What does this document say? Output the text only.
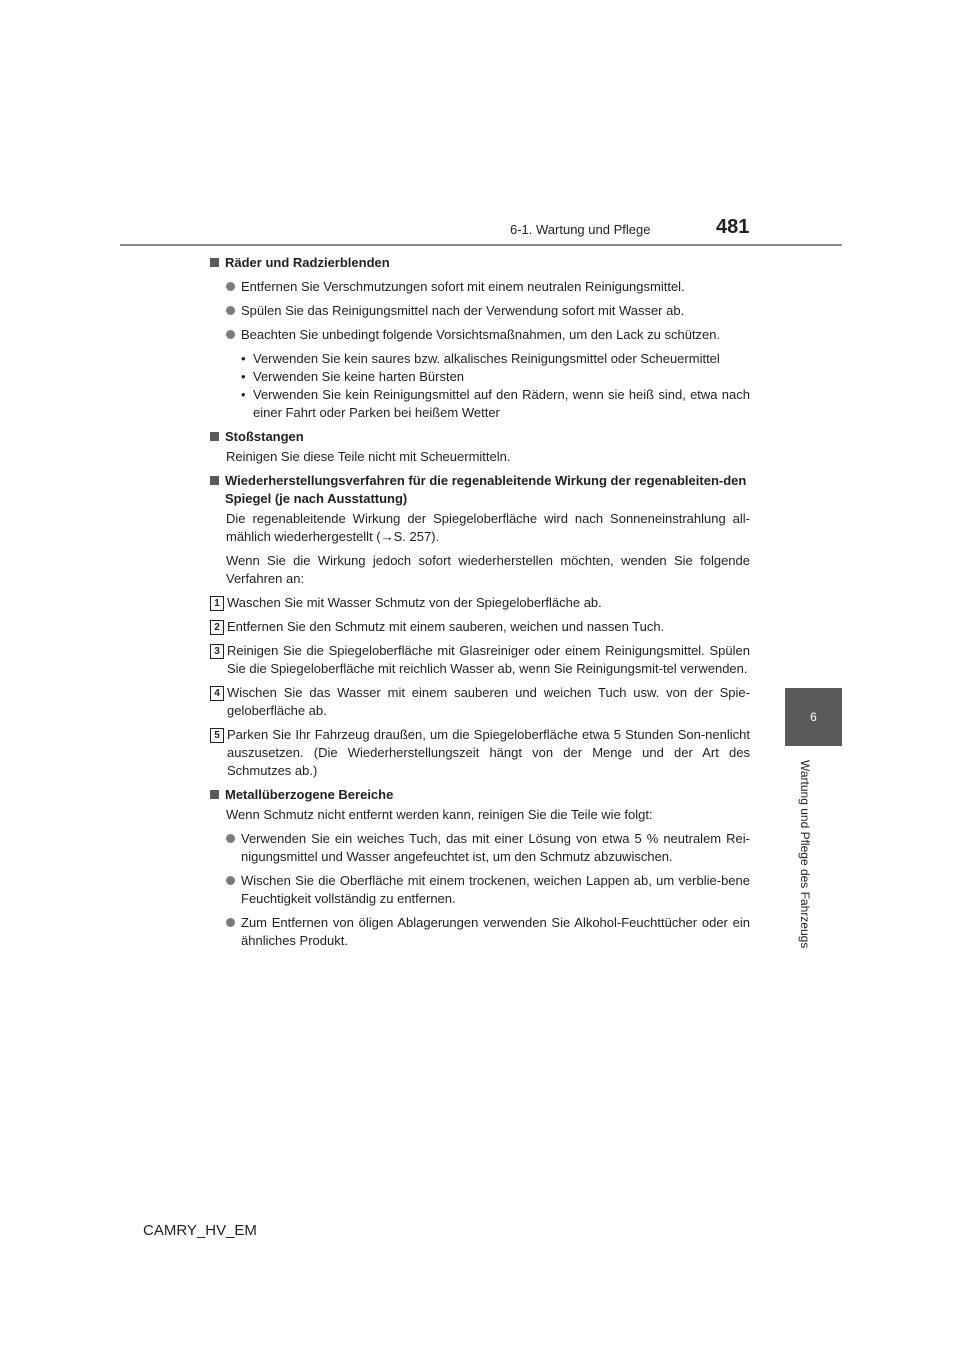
6-1. Wartung und Pflege	481
6
Wartung und Pflege des Fahrzeugs
Räder und Radzierblenden
Entfernen Sie Verschmutzungen sofort mit einem neutralen Reinigungsmittel.
Spülen Sie das Reinigungsmittel nach der Verwendung sofort mit Wasser ab.
Beachten Sie unbedingt folgende Vorsichtsmaßnahmen, um den Lack zu schützen.
• Verwenden Sie kein saures bzw. alkalisches Reinigungsmittel oder Scheuermittel
• Verwenden Sie keine harten Bürsten
• Verwenden Sie kein Reinigungsmittel auf den Rädern, wenn sie heiß sind, etwa nach einer Fahrt oder Parken bei heißem Wetter
Stoßstangen
Reinigen Sie diese Teile nicht mit Scheuermitteln.
Wiederherstellungsverfahren für die regenableitende Wirkung der regenableiten-den Spiegel (je nach Ausstattung)
Die regenableitende Wirkung der Spiegeloberfläche wird nach Sonneneinstrahlung all-mählich wiederhergestellt (→S. 257).
Wenn Sie die Wirkung jedoch sofort wiederherstellen möchten, wenden Sie folgende Verfahren an:
1 Waschen Sie mit Wasser Schmutz von der Spiegeloberfläche ab.
2 Entfernen Sie den Schmutz mit einem sauberen, weichen und nassen Tuch.
3 Reinigen Sie die Spiegeloberfläche mit Glasreiniger oder einem Reinigungsmittel. Spülen Sie die Spiegeloberfläche mit reichlich Wasser ab, wenn Sie Reinigungsmit-tel verwenden.
4 Wischen Sie das Wasser mit einem sauberen und weichen Tuch usw. von der Spie-geloberfläche ab.
5 Parken Sie Ihr Fahrzeug draußen, um die Spiegeloberfläche etwa 5 Stunden Son-nenlicht auszusetzen. (Die Wiederherstellungszeit hängt von der Menge und der Art des Schmutzes ab.)
Metallüberzogene Bereiche
Wenn Schmutz nicht entfernt werden kann, reinigen Sie die Teile wie folgt:
Verwenden Sie ein weiches Tuch, das mit einer Lösung von etwa 5 % neutralem Rei-nigungsmittel und Wasser angefeuchtet ist, um den Schmutz abzuwischen.
Wischen Sie die Oberfläche mit einem trockenen, weichen Lappen ab, um verblie-bene Feuchtigkeit vollständig zu entfernen.
Zum Entfernen von öligen Ablagerungen verwenden Sie Alkohol-Feuchttücher oder ein ähnliches Produkt.
CAMRY_HV_EM
